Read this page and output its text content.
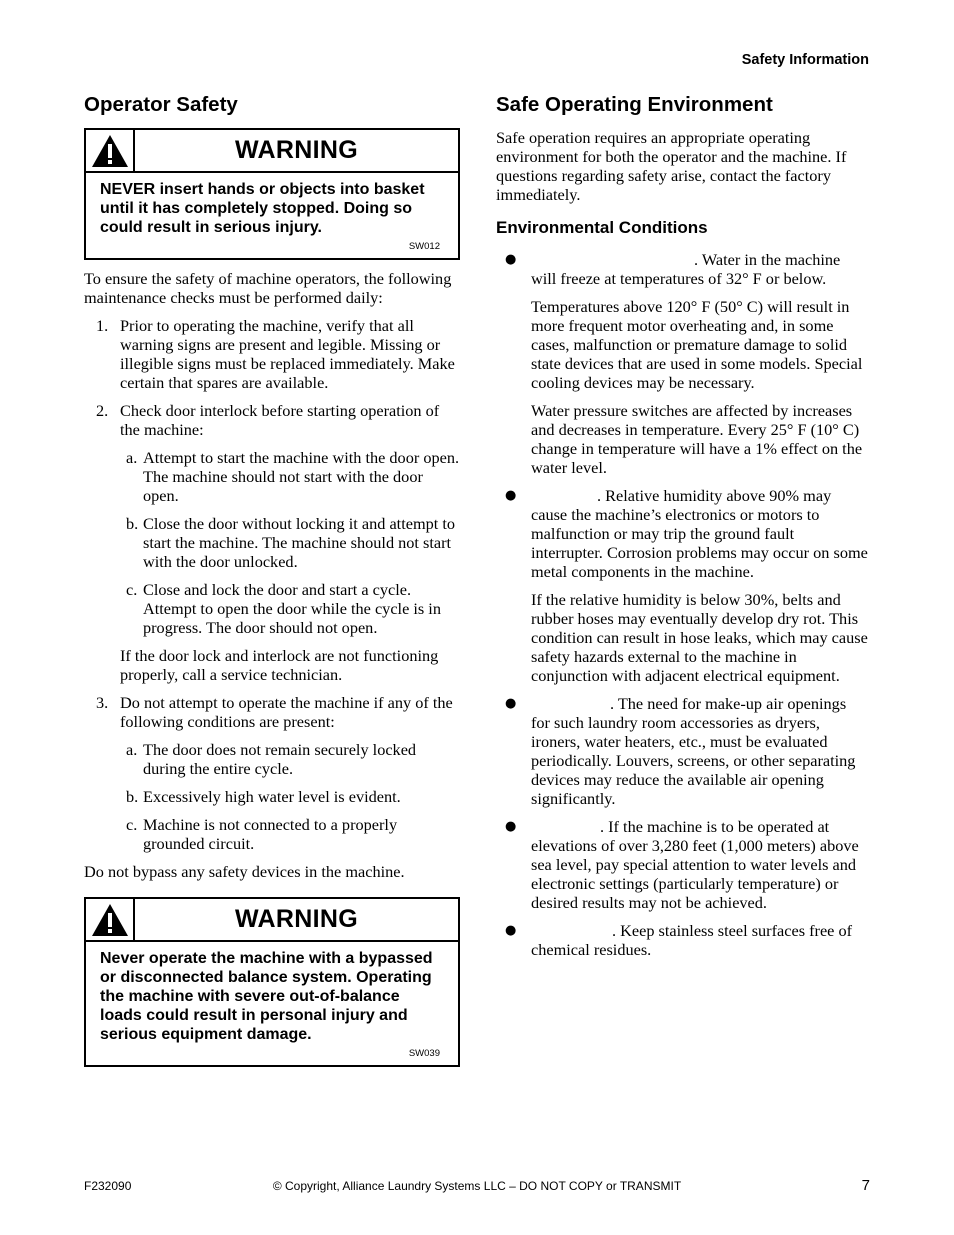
Safety Information
Operator Safety
WARNING
NEVER insert hands or objects into basket until it has completely stopped. Doing so could result in serious injury.
SW012

To ensure the safety of machine operators, the following maintenance checks must be performed daily:

1. Prior to operating the machine, verify that all warning signs are present and legible. Missing or illegible signs must be replaced immediately. Make certain that spares are available.

2. Check door interlock before starting operation of the machine:

a. Attempt to start the machine with the door open. The machine should not start with the door open.
b. Close the door without locking it and attempt to start the machine. The machine should not start with the door unlocked.
c. Close and lock the door and start a cycle. Attempt to open the door while the cycle is in progress. The door should not open.

If the door lock and interlock are not functioning properly, call a service technician.

3. Do not attempt to operate the machine if any of the following conditions are present:

a. The door does not remain securely locked during the entire cycle.
b. Excessively high water level is evident.
c. Machine is not connected to a properly grounded circuit.

Do not bypass any safety devices in the machine.

WARNING
Never operate the machine with a bypassed or disconnected balance system. Operating the machine with severe out-of-balance loads could result in personal injury and serious equipment damage.
SW039
Safe Operating Environment

Safe operation requires an appropriate operating environment for both the operator and the machine. If questions regarding safety arise, contact the factory immediately.

Environmental Conditions
●	. Water in the machine will freeze at temperatures of 32° F or below.

Temperatures above 120° F (50° C) will result in more frequent motor overheating and, in some cases, malfunction or premature damage to solid state devices that are used in some models. Special cooling devices may be necessary.

Water pressure switches are affected by increases and decreases in temperature. Every 25° F (10° C) change in temperature will have a 1% effect on the water level.

●	. Relative humidity above 90% may cause the machine’s electronics or motors to malfunction or may trip the ground fault interrupter. Corrosion problems may occur on some metal components in the machine.

If the relative humidity is below 30%, belts and rubber hoses may eventually develop dry rot. This condition can result in hose leaks, which may cause safety hazards external to the machine in conjunction with adjacent electrical equipment.

●	. The need for make-up air openings for such laundry room accessories as dryers, ironers, water heaters, etc., must be evaluated periodically. Louvers, screens, or other separating devices may reduce the available air opening significantly.

●	. If the machine is to be operated at elevations of over 3,280 feet (1,000 meters) above sea level, pay special attention to water levels and electronic settings (particularly temperature) or desired results may not be achieved.

●	. Keep stainless steel surfaces free of chemical residues.

F232090	© Copyright, Alliance Laundry Systems LLC – DO NOT COPY or TRANSMIT	7
